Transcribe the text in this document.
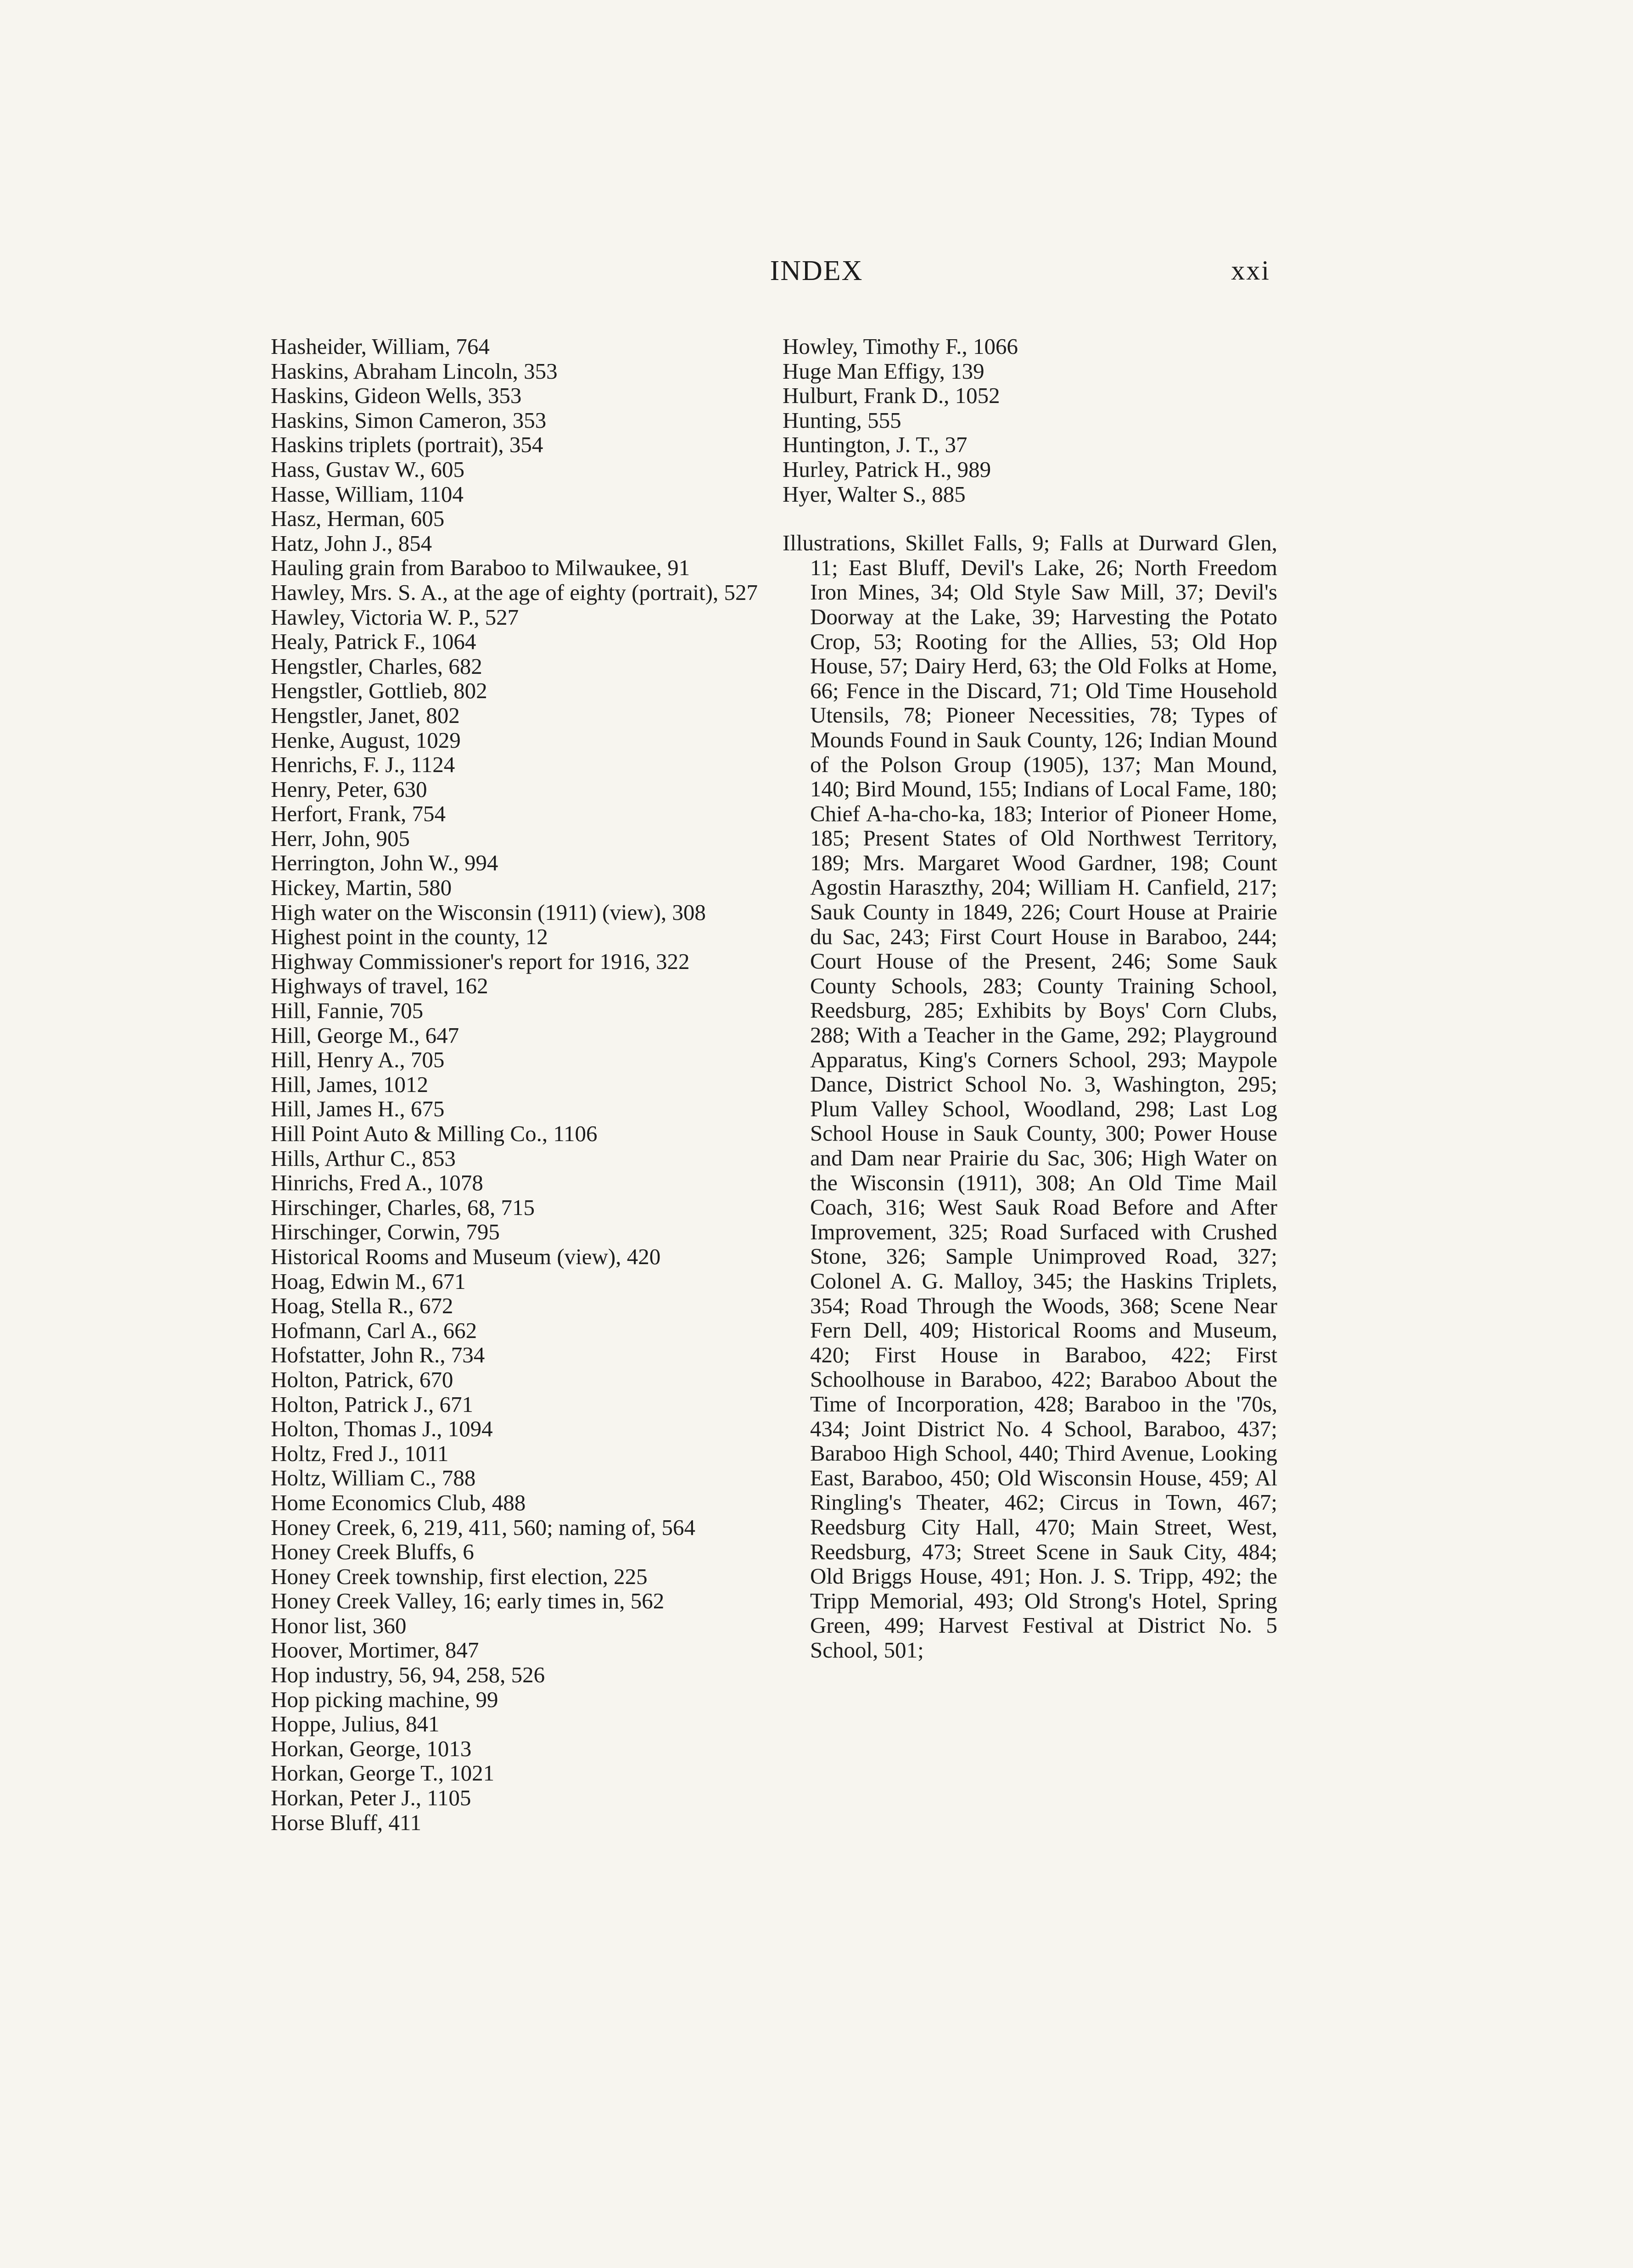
INDEX	xxi

Hasheider, William, 764

Haskins, Abraham Lincoln, 353

Haskins, Gideon Wells, 353

Haskins, Simon Cameron, 353

Haskins triplets (portrait), 354

Hass, Gustav W., 605

Hasse, William, 1104

Hasz, Herman, 605

Hatz, John J., 854

Hauling grain from Baraboo to Milwaukee, 91

Hawley, Mrs. S. A., at the age of eighty (portrait), 527

Hawley, Victoria W. P., 527

Healy, Patrick F., 1064

Hengstler, Charles, 682

Hengstler, Gottlieb, 802

Hengstler, Janet, 802

Henke, August, 1029

Henrichs, F. J., 1124

Henry, Peter, 630

Herfort, Frank, 754

Herr, John, 905

Herrington, John W., 994

Hickey, Martin, 580

High water on the Wisconsin (1911) (view), 308

Highest point in the county, 12

Highway Commissioner's report for 1916, 322

Highways of travel, 162

Hill, Fannie, 705

Hill, George M., 647

Hill, Henry A., 705

Hill, James, 1012

Hill, James H., 675

Hill Point Auto & Milling Co., 1106

Hills, Arthur C., 853

Hinrichs, Fred A., 1078

Hirschinger, Charles, 68, 715

Hirschinger, Corwin, 795

Historical Rooms and Museum (view), 420

Hoag, Edwin M., 671

Hoag, Stella R., 672

Hofmann, Carl A., 662

Hofstatter, John R., 734

Holton, Patrick, 670

Holton, Patrick J., 671

Holton, Thomas J., 1094

Holtz, Fred J., 1011

Holtz, William C., 788

Home Economics Club, 488

Honey Creek, 6, 219, 411, 560; naming of, 564

Honey Creek Bluffs, 6

Honey Creek township, first election, 225

Honey Creek Valley, 16; early times in, 562

Honor list, 360

Hoover, Mortimer, 847

Hop industry, 56, 94, 258, 526

Hop picking machine, 99

Hoppe, Julius, 841

Horkan, George, 1013

Horkan, George T., 1021

Horkan, Peter J., 1105

Horse Bluff, 411

Howley, Timothy F., 1066

Huge Man Effigy, 139

Hulburt, Frank D., 1052

Hunting, 555

Huntington, J. T., 37

Hurley, Patrick H., 989

Hyer, Walter S., 885

Illustrations, Skillet Falls, 9; Falls at Durward Glen, 11; East Bluff, Devil's Lake, 26; North Freedom Iron Mines, 34; Old Style Saw Mill, 37; Devil's Doorway at the Lake, 39; Harvesting the Potato Crop, 53; Rooting for the Allies, 53; Old Hop House, 57; Dairy Herd, 63; the Old Folks at Home, 66; Fence in the Discard, 71; Old Time Household Utensils, 78; Pioneer Necessities, 78; Types of Mounds Found in Sauk County, 126; Indian Mound of the Polson Group (1905), 137; Man Mound, 140; Bird Mound, 155; Indians of Local Fame, 180; Chief A-ha-cho-ka, 183; Interior of Pioneer Home, 185; Present States of Old Northwest Territory, 189; Mrs. Margaret Wood Gardner, 198; Count Agostin Haraszthy, 204; William H. Canfield, 217; Sauk County in 1849, 226; Court House at Prairie du Sac, 243; First Court House in Baraboo, 244; Court House of the Present, 246; Some Sauk County Schools, 283; County Training School, Reedsburg, 285; Exhibits by Boys' Corn Clubs, 288; With a Teacher in the Game, 292; Playground Apparatus, King's Corners School, 293; Maypole Dance, District School No. 3, Washington, 295; Plum Valley School, Woodland, 298; Last Log School House in Sauk County, 300; Power House and Dam near Prairie du Sac, 306; High Water on the Wisconsin (1911), 308; An Old Time Mail Coach, 316; West Sauk Road Before and After Improvement, 325; Road Surfaced with Crushed Stone, 326; Sample Unimproved Road, 327; Colonel A. G. Malloy, 345; the Haskins Triplets, 354; Road Through the Woods, 368; Scene Near Fern Dell, 409; Historical Rooms and Museum, 420; First House in Baraboo, 422; First Schoolhouse in Baraboo, 422; Baraboo About the Time of Incorporation, 428; Baraboo in the '70s, 434; Joint District No. 4 School, Baraboo, 437; Baraboo High School, 440; Third Avenue, Looking East, Baraboo, 450; Old Wisconsin House, 459; Al Ringling's Theater, 462; Circus in Town, 467; Reedsburg City Hall, 470; Main Street, West, Reedsburg, 473; Street Scene in Sauk City, 484; Old Briggs House, 491; Hon. J. S. Tripp, 492; the Tripp Memorial, 493; Old Strong's Hotel, Spring Green, 499; Harvest Festival at District No. 5 School, 501;
